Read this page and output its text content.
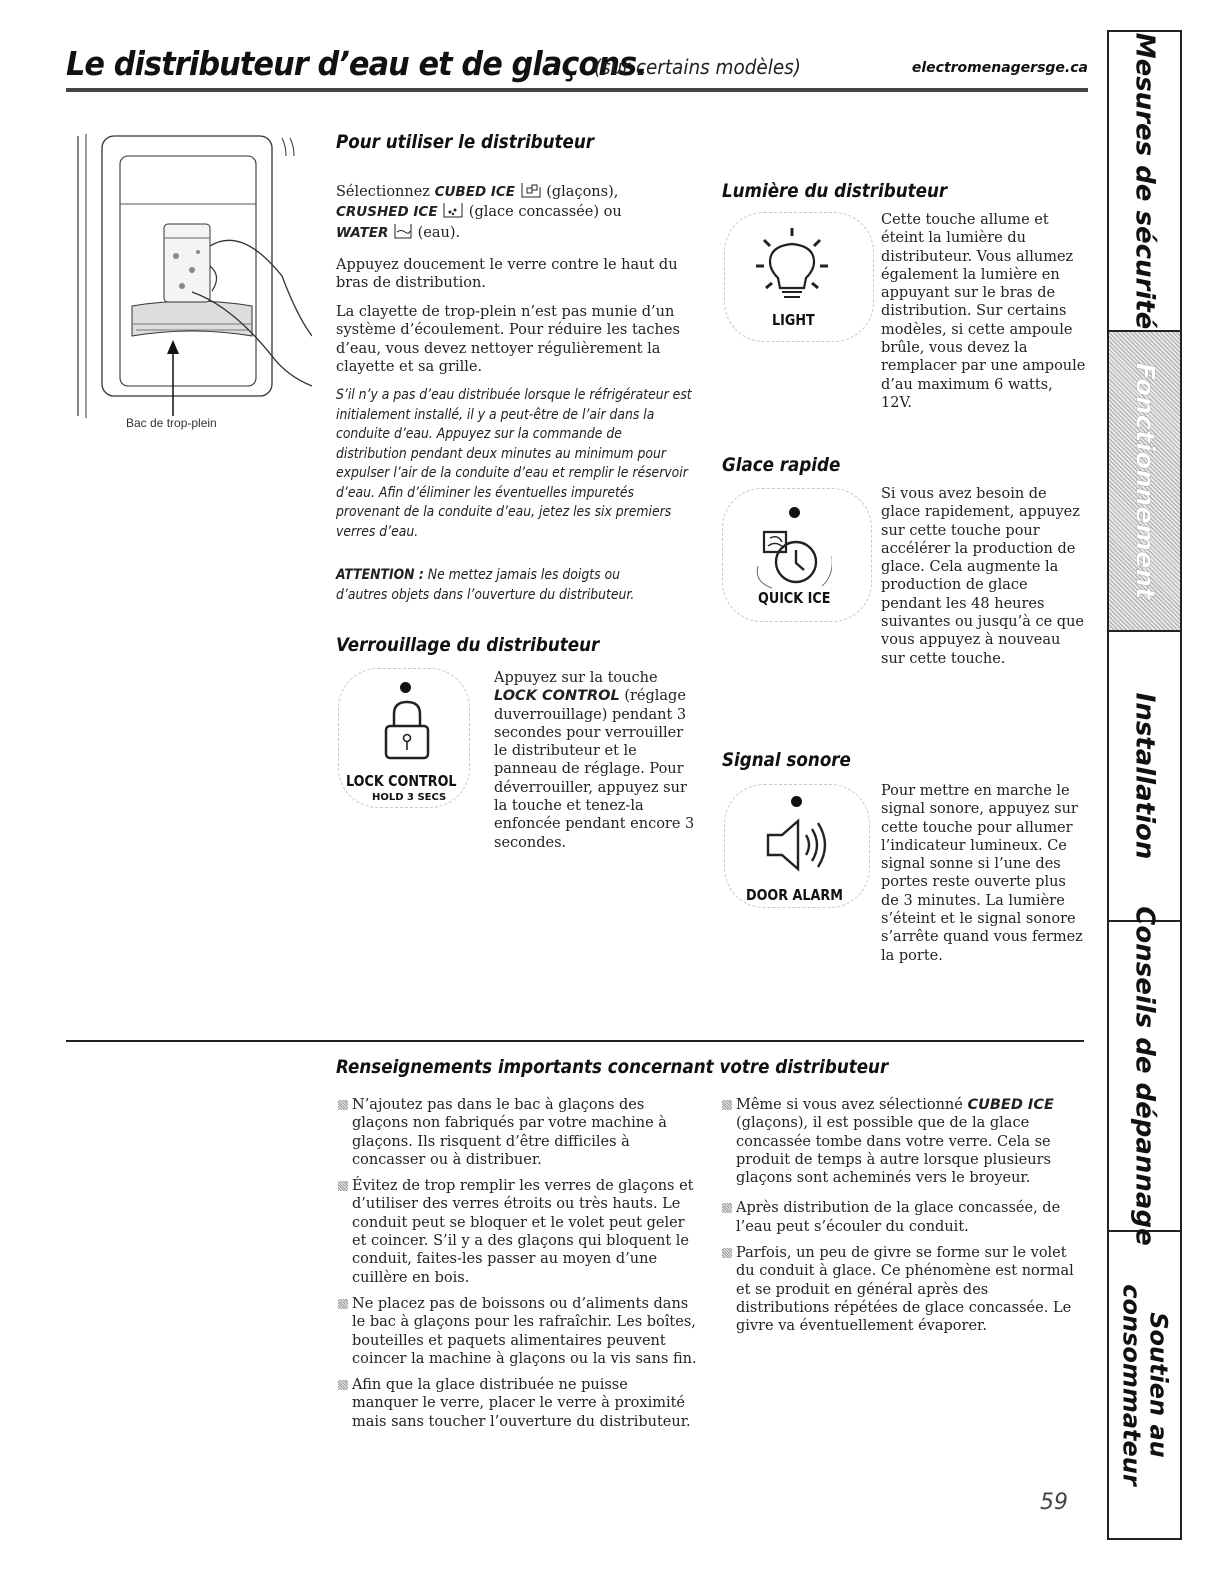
Le distributeur d’eau et de glaçons.
(sur certains modèles)	electromenagersge.ca
Bac de trop-plein
Pour utiliser le distributeur
Sélectionnez CUBED ICE (glaçons),
CRUSHED ICE (glace concassée) ou
WATER (eau).
Appuyez doucement le verre contre le haut du bras de distribution.
La clayette de trop-plein n’est pas munie d’un système d’écoulement. Pour réduire les taches d’eau, vous devez nettoyer régulièrement la clayette et sa grille.
S’il n’y a pas d’eau distribuée lorsque le réfrigérateur est initialement installé, il y a peut-être de l’air dans la conduite d’eau. Appuyez sur la commande de distribution pendant deux minutes au minimum pour expulser l’air de la conduite d’eau et remplir le réservoir d’eau. Afin d’éliminer les éventuelles impuretés provenant de la conduite d’eau, jetez les six premiers verres d’eau.
ATTENTION : Ne mettez jamais les doigts ou d’autres objets dans l’ouverture du distributeur.
Verrouillage du distributeur
LOCK CONTROL
HOLD 3 SECS
Appuyez sur la touche LOCK CONTROL (réglage duverrouillage) pendant 3 secondes pour verrouiller le distributeur et le panneau de réglage. Pour déverrouiller, appuyez sur la touche et tenez-la enfoncée pendant encore 3 secondes.
Lumière du distributeur
LIGHT
Cette touche allume et éteint la lumière du distributeur. Vous allumez également la lumière en appuyant sur le bras de distribution. Sur certains modèles, si cette ampoule brûle, vous devez la remplacer par une ampoule d’au maximum 6 watts, 12V.
Glace rapide
QUICK ICE
Si vous avez besoin de glace rapidement, appuyez sur cette touche pour accélérer la production de glace. Cela augmente la production de glace pendant les 48 heures suivantes ou jusqu’à ce que vous appuyez à nouveau sur cette touche.
Signal sonore
DOOR ALARM
Pour mettre en marche le signal sonore, appuyez sur cette touche pour allumer l’indicateur lumineux. Ce signal sonne si l’une des portes reste ouverte plus de 3 minutes. La lumière s’éteint et le signal sonore s’arrête quand vous fermez la porte.
Renseignements importants concernant votre distributeur
N’ajoutez pas dans le bac à glaçons des glaçons non fabriqués par votre machine à glaçons. Ils risquent d’être difficiles à concasser ou à distribuer.
Évitez de trop remplir les verres de glaçons et d’utiliser des verres étroits ou très hauts. Le conduit peut se bloquer et le volet peut geler et coincer. S’il y a des glaçons qui bloquent le conduit, faites-les passer au moyen d’une cuillère en bois.
Ne placez pas de boissons ou d’aliments dans le bac à glaçons pour les rafraîchir. Les boîtes, bouteilles et paquets alimentaires peuvent coincer la machine à glaçons ou la vis sans fin.
Afin que la glace distribuée ne puisse manquer le verre, placer le verre à proximité mais sans toucher l’ouverture du distributeur.
Même si vous avez sélectionné CUBED ICE (glaçons), il est possible que de la glace concassée tombe dans votre verre. Cela se produit de temps à autre lorsque plusieurs glaçons sont acheminés vers le broyeur.
Après distribution de la glace concassée, de l’eau peut s’écouler du conduit.
Parfois, un peu de givre se forme sur le volet du conduit à glace. Ce phénomène est normal et se produit en général après des distributions répétées de glace concassée. Le givre va éventuellement évaporer.
59
Mesures de sécurité
Fonctionnement
Installation
Conseils de dépannage
Soutien au consommateur
